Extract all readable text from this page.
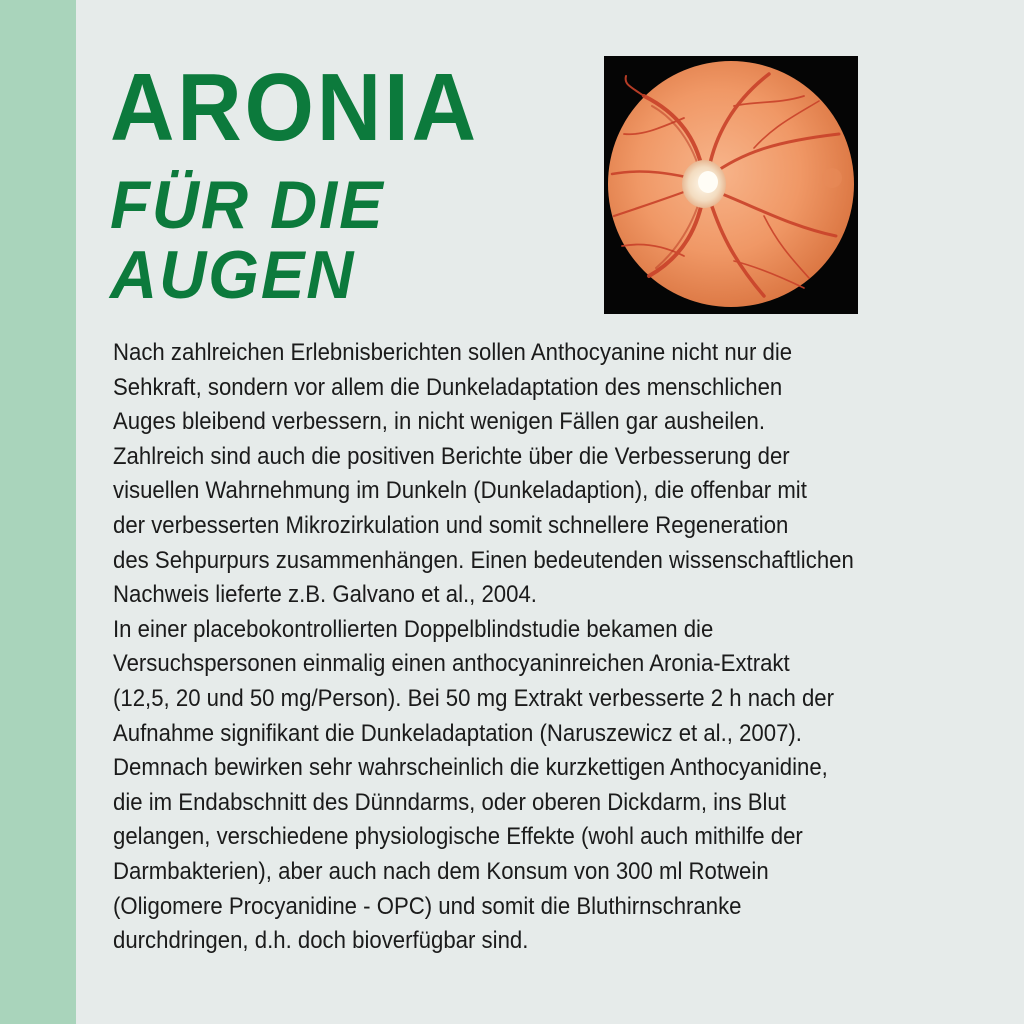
ARONIA
FÜR DIE
AUGEN

Nach zahlreichen Erlebnisberichten sollen Anthocyanine nicht nur die
Sehkraft, sondern vor allem die Dunkeladaptation des menschlichen
Auges bleibend verbessern, in nicht wenigen Fällen gar ausheilen.
Zahlreich sind auch die positiven Berichte über die Verbesserung der
visuellen Wahrnehmung im Dunkeln (Dunkeladaption), die offenbar mit
der verbesserten Mikrozirkulation und somit schnellere Regeneration
des Sehpurpurs zusammenhängen. Einen bedeutenden wissenschaftlichen
Nachweis lieferte z.B. Galvano et al., 2004.

In einer placebokontrollierten Doppelblindstudie bekamen die
Versuchspersonen einmalig einen anthocyaninreichen Aronia-Extrakt
(12,5, 20 und 50 mg/Person). Bei 50 mg Extrakt verbesserte 2 h nach der
Aufnahme signifikant die Dunkeladaptation (Naruszewicz et al., 2007).
Demnach bewirken sehr wahrscheinlich die kurzkettigen Anthocyanidine,
die im Endabschnitt des Dünndarms, oder oberen Dickdarm, ins Blut
gelangen, verschiedene physiologische Effekte (wohl auch mithilfe der
Darmbakterien), aber auch nach dem Konsum von 300 ml Rotwein
(Oligomere Procyanidine - OPC) und somit die Bluthirnschranke
durchdringen, d.h. doch bioverfügbar sind.
